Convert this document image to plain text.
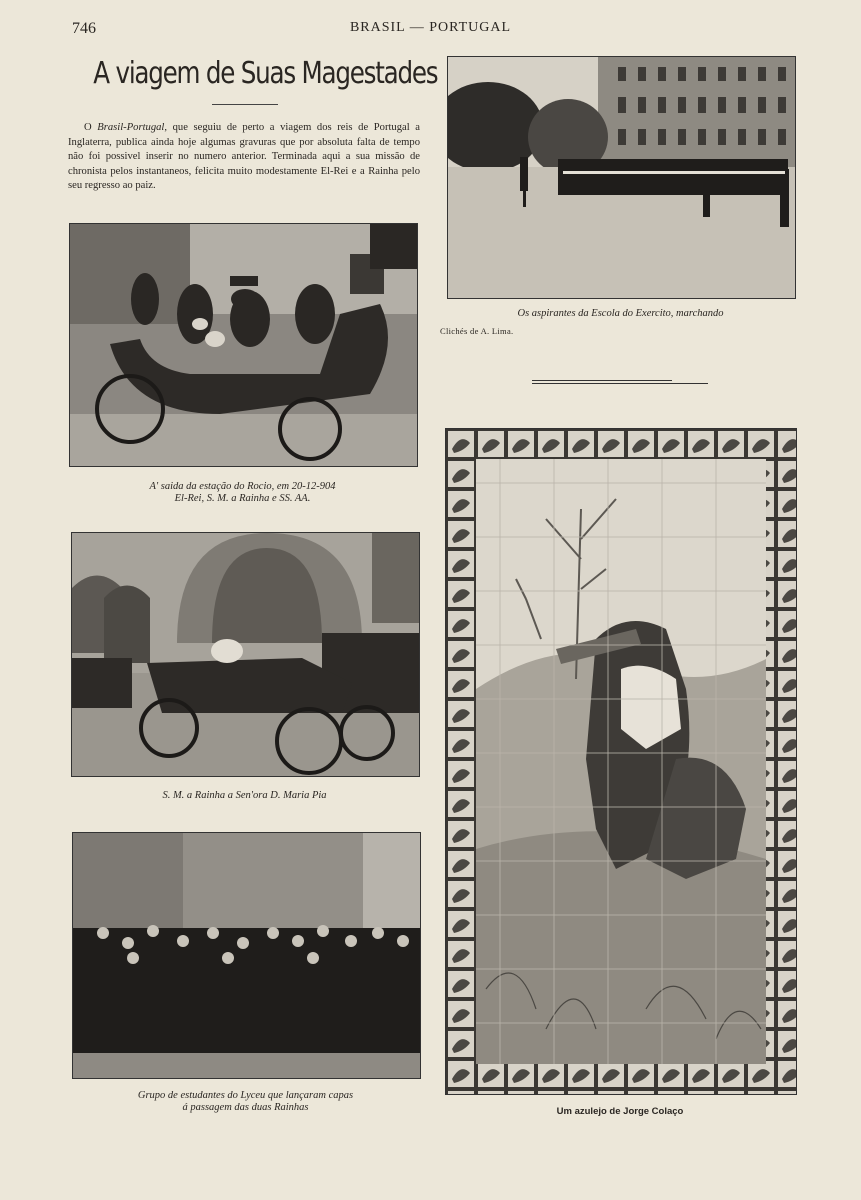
746	BRASIL — PORTUGAL
A viagem de Suas Magestades

O Brasil-Portugal, que seguiu de perto a viagem dos reis de Portugal a Inglaterra, publica ainda hoje algumas gravuras que por absoluta falta de tempo não foi possivel inserir no numero anterior. Terminada aqui a sua missão de chronista pelos instantaneos, felicita muito modestamente El-Rei e a Rainha pelo seu regresso ao paiz.

Os aspirantes da Escola do Exercito, marchando
Clichés de A. Lima.
A' saida da estação do Rocio, em 20-12-904
El-Rei, S. M. a Rainha e SS. AA.
S. M. a Rainha a Sen'ora D. Maria Pia
Grupo de estudantes do Lyceu que lançaram capas
á passagem das duas Rainhas	Um azulejo de Jorge Colaço
